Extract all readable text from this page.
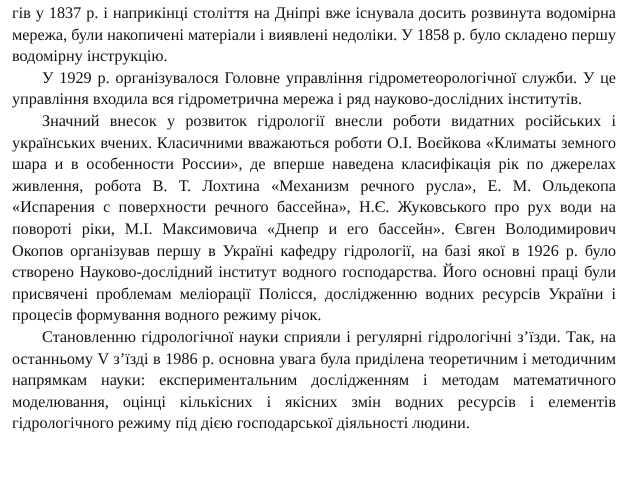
гів у 1837 р. і наприкінці століття на Дніпрі вже існувала досить розвинута водомірна мережа, були накопичені матеріали і виявлені недоліки. У 1858 р. було складено першу водомірну інструкцію.

У 1929 р. організувалося Головне управління гідрометеорологічної служби. У це управління входила вся гідрометрична мережа і ряд науково-дослідних інститутів.

Значний внесок у розвиток гідрології внесли роботи видатних російських і українських вчених. Класичними вважаються роботи О.І. Воєйкова «Климаты земного шара и в особенности России», де вперше наведена класифікація рік по джерелах живлення, робота В. Т. Лохтина «Механизм речного русла», Е. М. Ольдекопа «Испарения с поверхности речного бассейна», Н.Є. Жуковського про рух води на повороті ріки, М.І. Максимовича «Днепр и его бассейн». Євген Володимирович Окопов організував першу в Україні кафедру гідрології, на базі якої в 1926 р. було створено Науково-дослідний інститут водного господарства. Його основні праці були присвячені проблемам меліорації Полісся, дослідженню водних ресурсів України і процесів формування водного режиму річок.

Становленню гідрологічної науки сприяли і регулярні гідрологічні з’їзди. Так, на останньому V з’їзді в 1986 р. основна увага була приділена теоретичним і методичним напрямкам науки: експериментальним дослідженням і методам математичного моделювання, оцінці кількісних і якісних змін водних ресурсів і елементів гідрологічного режиму під дією господарської діяльності людини.
